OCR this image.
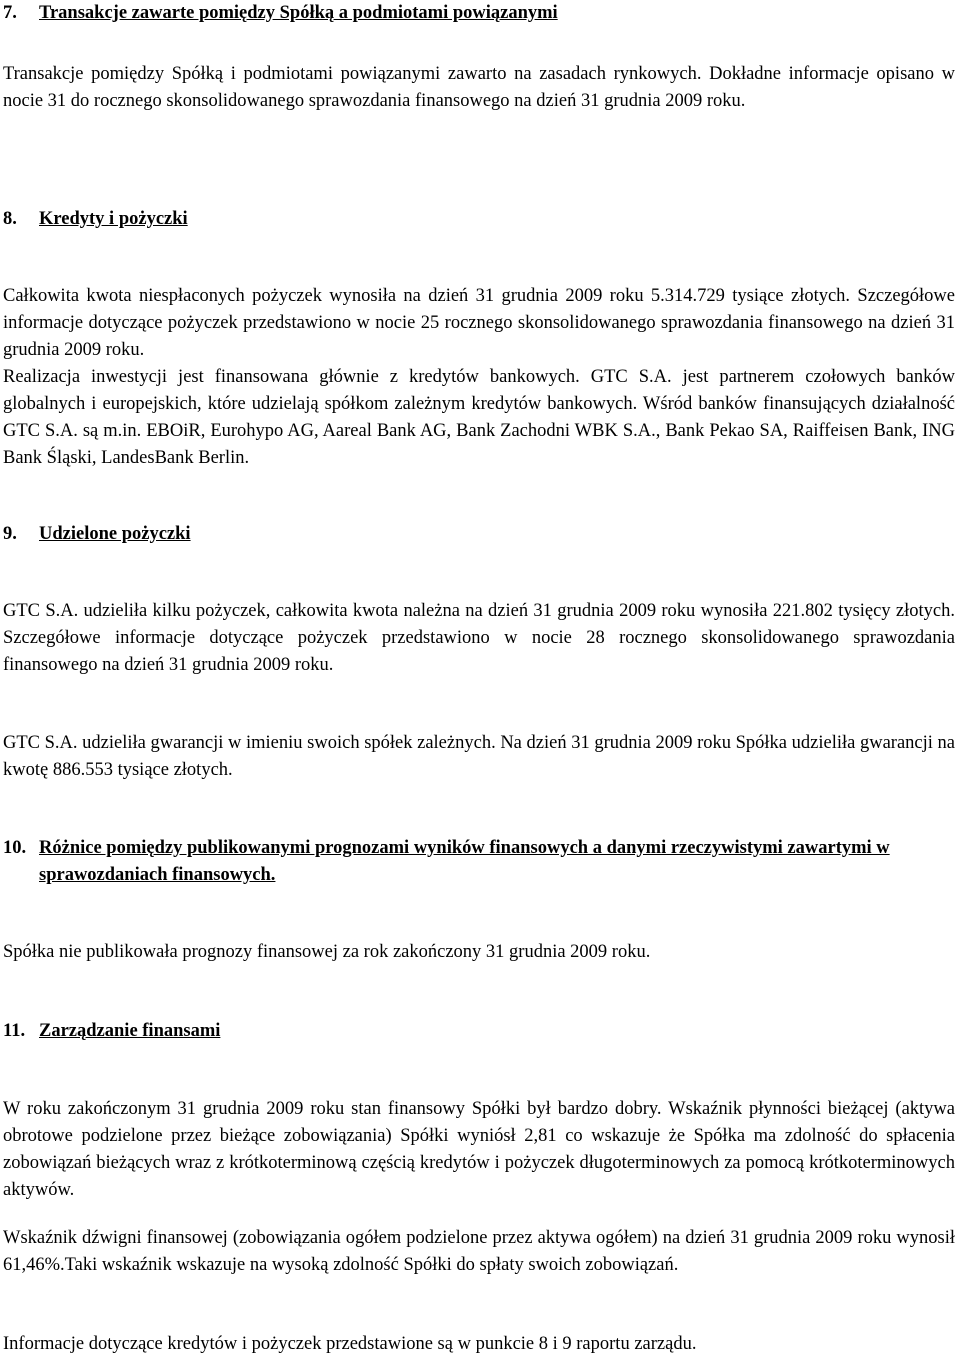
7.	Transakcje zawarte pomiędzy Spółką a podmiotami powiązanymi

Transakcje pomiędzy Spółką i podmiotami powiązanymi zawarto na zasadach rynkowych. Dokładne informacje opisano w nocie 31 do rocznego skonsolidowanego sprawozdania finansowego na dzień 31 grudnia 2009 roku.

8.	Kredyty i pożyczki

Całkowita kwota niespłaconych pożyczek wynosiła na dzień 31 grudnia 2009 roku 5.314.729 tysiące złotych. Szczegółowe informacje dotyczące pożyczek przedstawiono w nocie 25 rocznego skonsolidowanego sprawozdania finansowego na dzień 31 grudnia 2009 roku.

Realizacja inwestycji jest finansowana głównie z kredytów bankowych. GTC S.A. jest partnerem czołowych banków globalnych i europejskich, które udzielają spółkom zależnym kredytów bankowych. Wśród banków finansujących działalność GTC S.A. są m.in. EBOiR, Eurohypo AG, Aareal Bank AG, Bank Zachodni WBK S.A., Bank Pekao SA, Raiffeisen Bank, ING Bank Śląski, LandesBank Berlin.

9.	Udzielone pożyczki

GTC S.A. udzieliła kilku pożyczek, całkowita kwota należna na dzień 31 grudnia 2009 roku wynosiła 221.802 tysięcy złotych. Szczegółowe informacje dotyczące pożyczek przedstawiono w nocie 28 rocznego skonsolidowanego sprawozdania finansowego na dzień 31 grudnia 2009 roku.

GTC S.A. udzieliła gwarancji w imieniu swoich spółek zależnych. Na dzień 31 grudnia 2009 roku Spółka udzieliła gwarancji na kwotę 886.553 tysiące złotych.

10. Różnice pomiędzy publikowanymi prognozami wyników finansowych a danymi rzeczywistymi zawartymi w sprawozdaniach finansowych.

Spółka nie publikowała prognozy finansowej za rok zakończony 31 grudnia 2009 roku.

11. Zarządzanie finansami

W roku zakończonym 31 grudnia 2009 roku stan finansowy Spółki był bardzo dobry. Wskaźnik płynności bieżącej (aktywa obrotowe podzielone przez bieżące zobowiązania) Spółki wyniósł 2,81 co wskazuje że Spółka ma zdolność do spłacenia zobowiązań bieżących wraz z krótkoterminową częścią kredytów i pożyczek długoterminowych za pomocą krótkoterminowych aktywów.

Wskaźnik dźwigni finansowej (zobowiązania ogółem podzielone przez aktywa ogółem) na dzień 31 grudnia 2009 roku wynosił 61,46%.Taki wskaźnik wskazuje na wysoką zdolność Spółki do spłaty swoich zobowiązań.

Informacje dotyczące kredytów i pożyczek przedstawione są w punkcie 8 i 9 raportu zarządu.
